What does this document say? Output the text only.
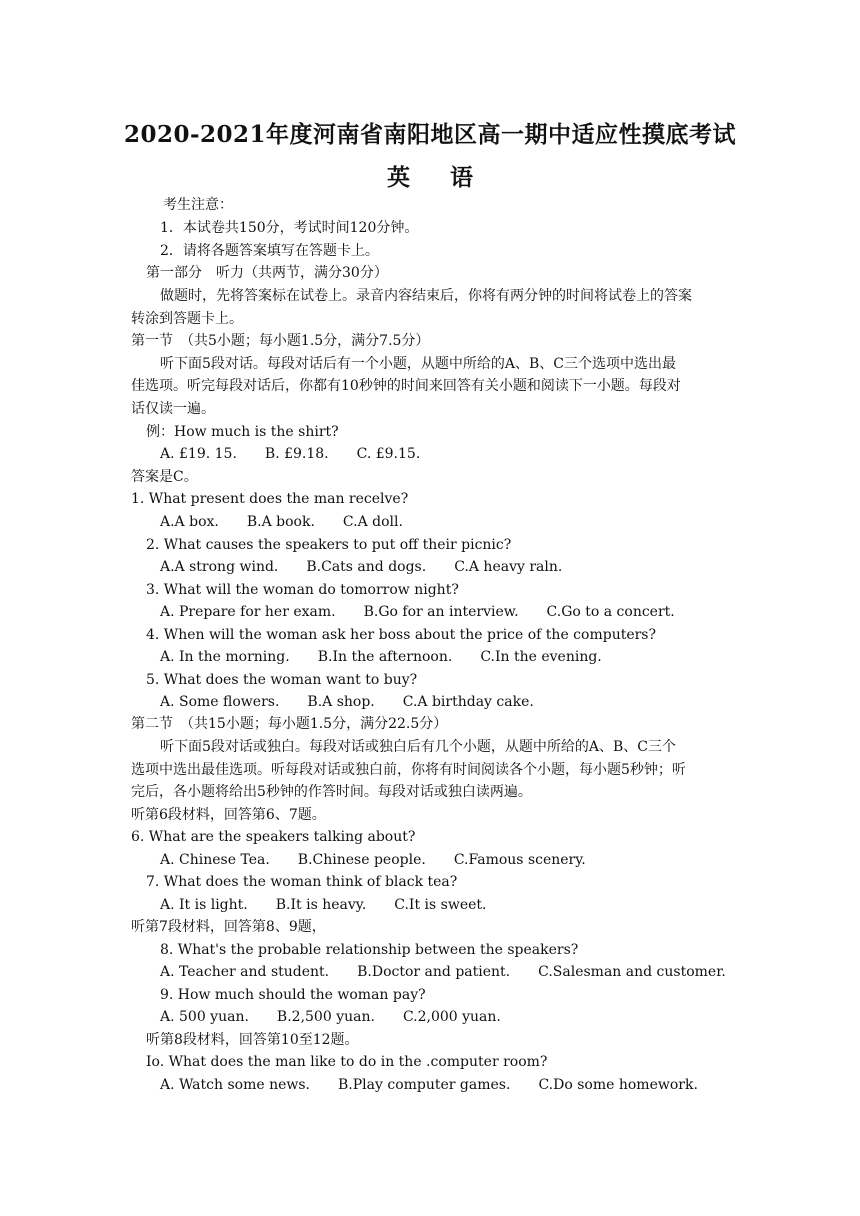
2020-2021年度河南省南阳地区高一期中适应性摸底考试
英 语
考生注意：
1．本试卷共150分，考试时间120分钟。
2．请将各题答案填写在答题卡上。
第一部分　听力（共两节，满分30分）
做题时，先将答案标在试卷上。录音内容结束后，你将有两分钟的时间将试卷上的答案
转涂到答题卡上。
第一节　（共5小题；每小题1.5分，满分7.5分）
听下面5段对话。每段对话后有一个小题，从题中所给的A、B、C三个选项中选出最
佳选项。听完每段对话后，你都有10秒钟的时间来回答有关小题和阅读下一小题。每段对
话仅读一遍。
例：How much is the shirt?
A. £19. 15. B. £9.18. C. £9.15.
答案是C。
1. What present does the man recelve?
A.A box. B.A book. C.A doll.
2. What causes the speakers to put off their picnic?
A.A strong wind. B.Cats and dogs. C.A heavy raln.
3. What will the woman do tomorrow night?
A. Prepare for her exam. B.Go for an interview. C.Go to a concert.
4. When will the woman ask her boss about the price of the computers?
A. In the morning. B.In the afternoon. C.In the evening.
5. What does the woman want to buy?
A. Some flowers. B.A shop. C.A birthday cake.
第二节　（共15小题；每小题1.5分，满分22.5分）
听下面5段对话或独白。每段对话或独白后有几个小题，从题中所给的A、B、C三个
选项中选出最佳选项。听每段对话或独白前，你将有时间阅读各个小题，每小题5秒钟；听
完后，各小题将给出5秒钟的作答时间。每段对话或独白读两遍。
听第6段材料，回答第6、7题。
6. What are the speakers talking about?
A. Chinese Tea. B.Chinese people. C.Famous scenery.
7. What does the woman think of black tea?
A. It is light. B.It is heavy. C.It is sweet.
听第7段材料，回答第8、9题，
8. What's the probable relationship between the speakers?
A. Teacher and student. B.Doctor and patient. C.Salesman and customer.
9. How much should the woman pay?
A. 500 yuan. B.2,500 yuan. C.2,000 yuan.
听第8段材料，回答第10至12题。
Io. What does the man like to do in the .computer room?
A. Watch some news. B.Play computer games. C.Do some homework.
